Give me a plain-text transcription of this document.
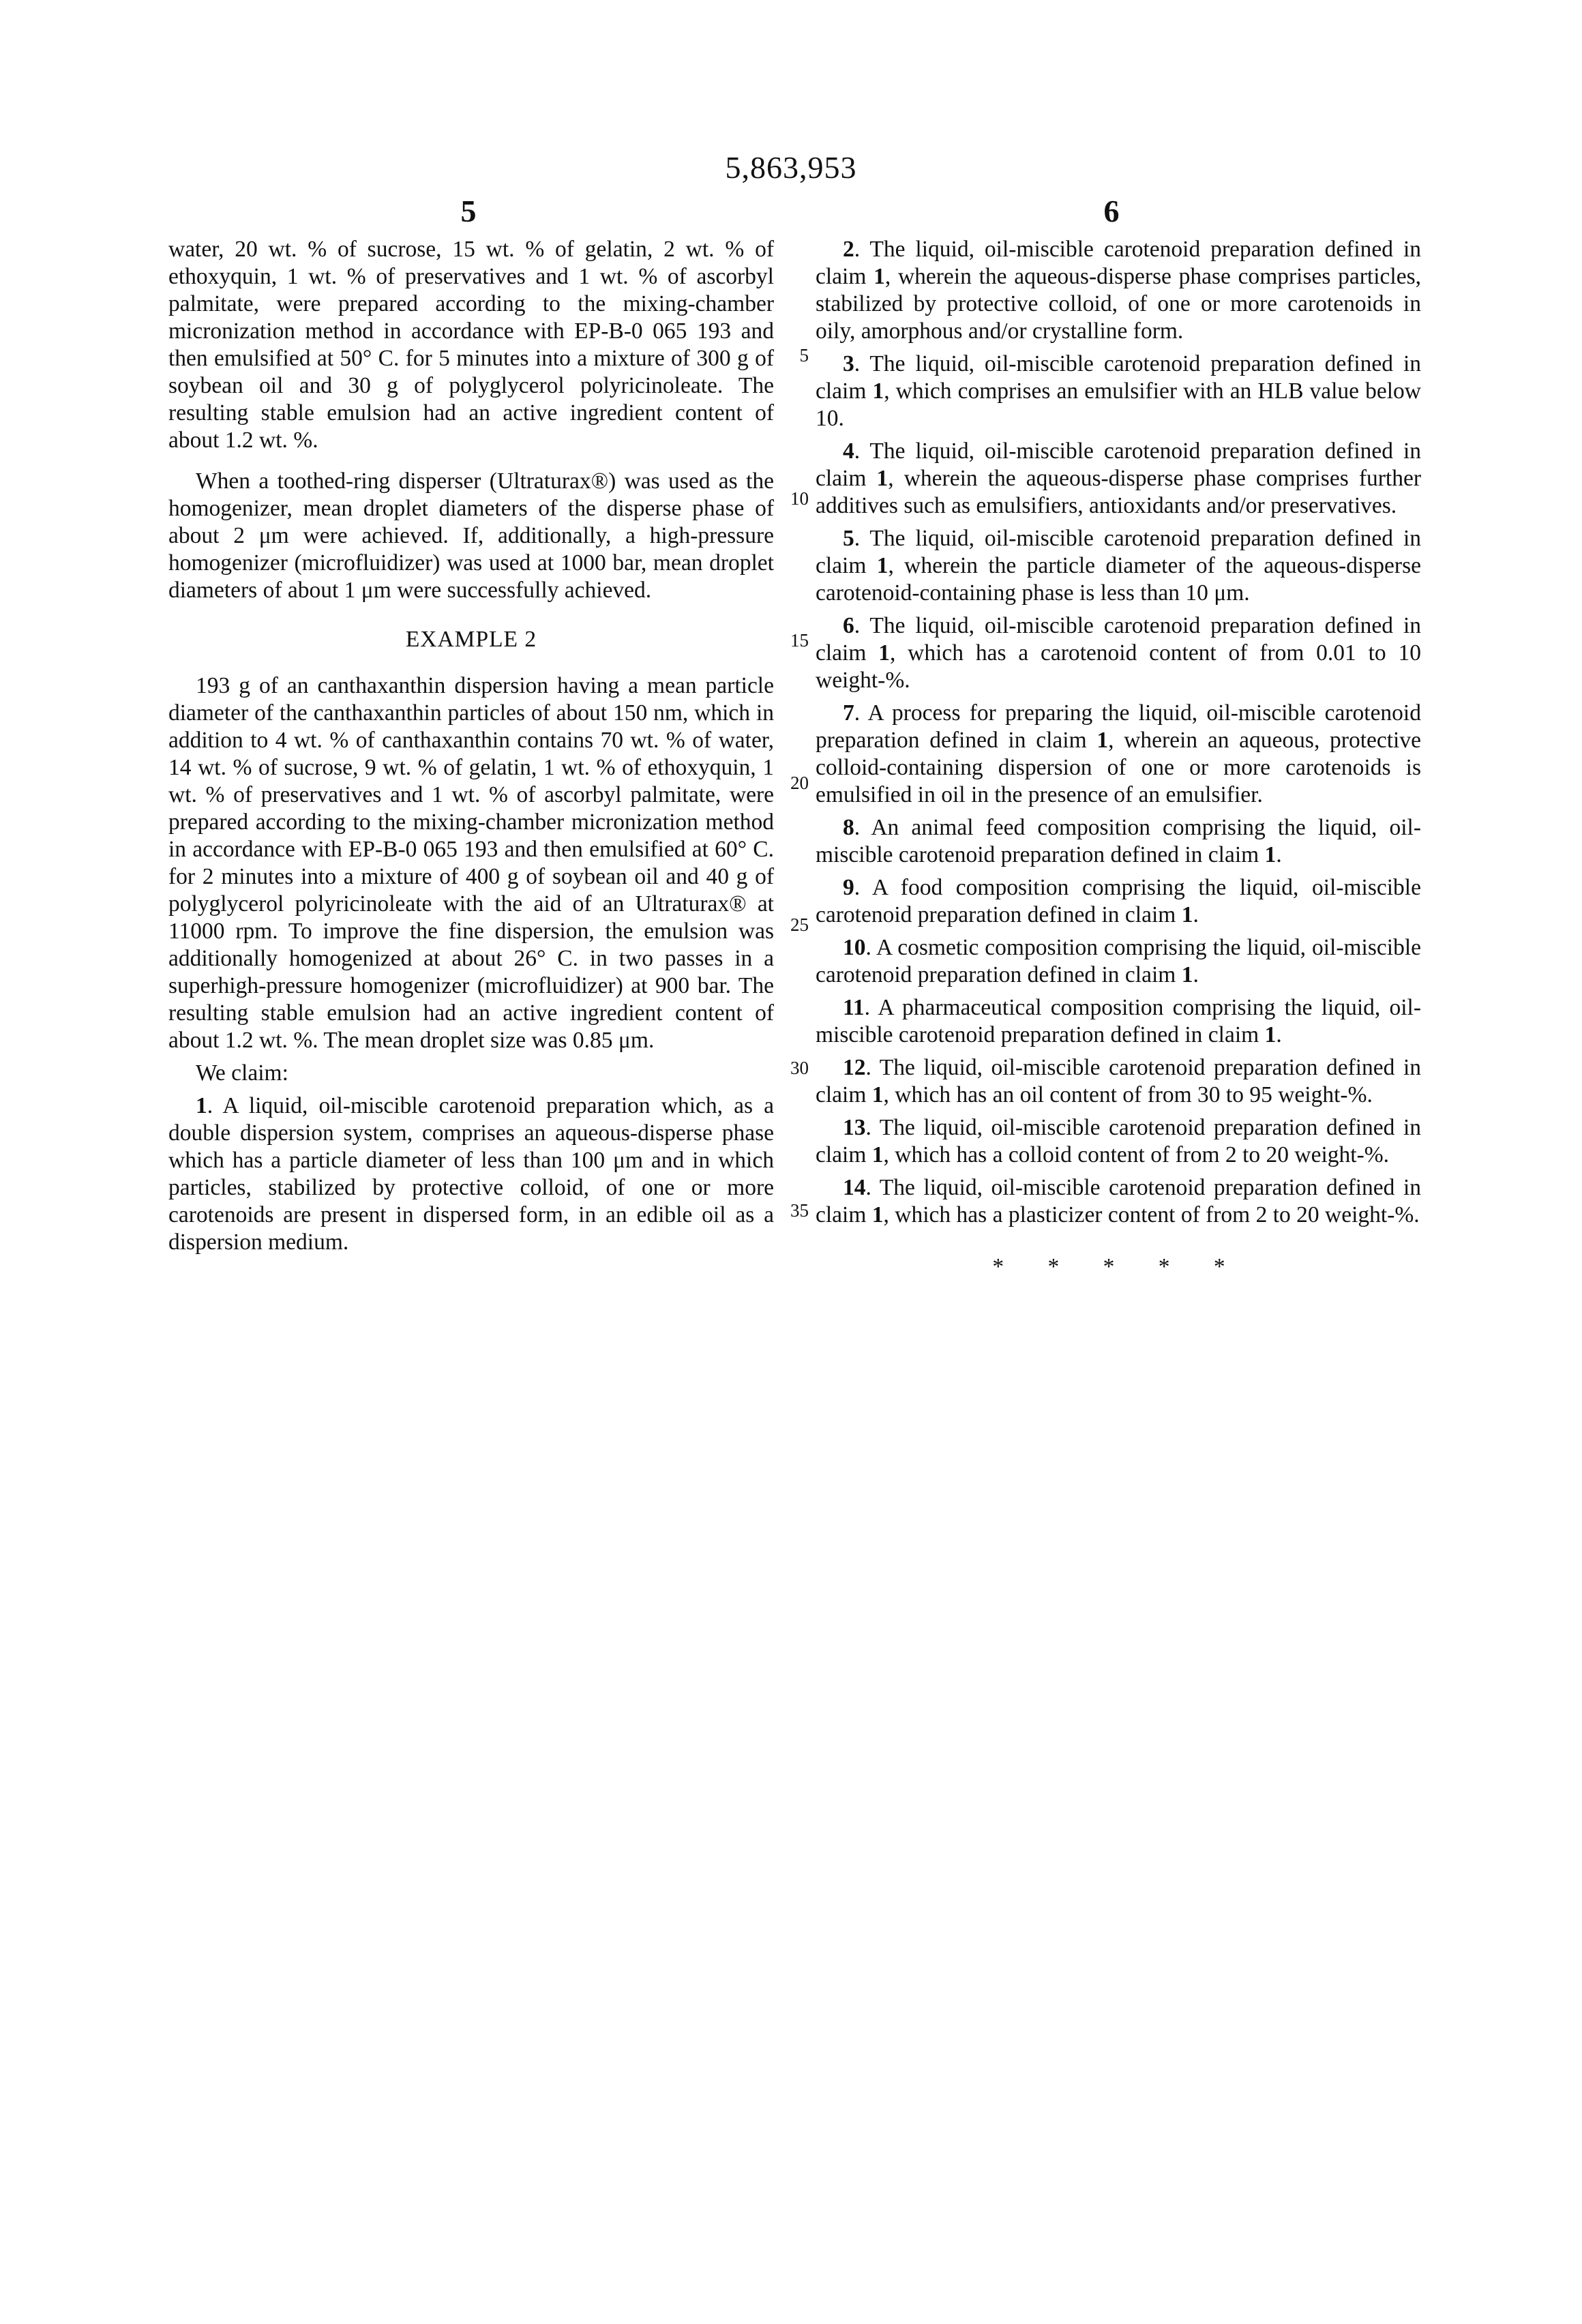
5,863,953
5	6

water, 20 wt. % of sucrose, 15 wt. % of gelatin, 2 wt. % of ethoxyquin, 1 wt. % of preservatives and 1 wt. % of ascorbyl palmitate, were prepared according to the mixing-chamber micronization method in accordance with EP-B-0 065 193 and then emulsified at 50° C. for 5 minutes into a mixture of 300 g of soybean oil and 30 g of polyglycerol polyricinoleate. The resulting stable emulsion had an active ingredient content of about 1.2 wt. %.

When a toothed-ring disperser (Ultraturax®) was used as the homogenizer, mean droplet diameters of the disperse phase of about 2 μm were achieved. If, additionally, a high-pressure homogenizer (microfluidizer) was used at 1000 bar, mean droplet diameters of about 1 μm were successfully achieved.

EXAMPLE 2

193 g of an canthaxanthin dispersion having a mean particle diameter of the canthaxanthin particles of about 150 nm, which in addition to 4 wt. % of canthaxanthin contains 70 wt. % of water, 14 wt. % of sucrose, 9 wt. % of gelatin, 1 wt. % of ethoxyquin, 1 wt. % of preservatives and 1 wt. % of ascorbyl palmitate, were prepared according to the mixing-chamber micronization method in accordance with EP-B-0 065 193 and then emulsified at 60° C. for 2 minutes into a mixture of 400 g of soybean oil and 40 g of polyglycerol polyricinoleate with the aid of an Ultraturax® at 11000 rpm. To improve the fine dispersion, the emulsion was additionally homogenized at about 26° C. in two passes in a superhigh-pressure homogenizer (microfluidizer) at 900 bar. The resulting stable emulsion had an active ingredient content of about 1.2 wt. %. The mean droplet size was 0.85 μm.

We claim:

1. A liquid, oil-miscible carotenoid preparation which, as a double dispersion system, comprises an aqueous-disperse phase which has a particle diameter of less than 100 μm and in which particles, stabilized by protective colloid, of one or more carotenoids are present in dispersed form, in an edible oil as a dispersion medium.

5
10
15
20
25
30
35

2. The liquid, oil-miscible carotenoid preparation defined in claim 1, wherein the aqueous-disperse phase comprises particles, stabilized by protective colloid, of one or more carotenoids in oily, amorphous and/or crystalline form.

3. The liquid, oil-miscible carotenoid preparation defined in claim 1, which comprises an emulsifier with an HLB value below 10.

4. The liquid, oil-miscible carotenoid preparation defined in claim 1, wherein the aqueous-disperse phase comprises further additives such as emulsifiers, antioxidants and/or preservatives.

5. The liquid, oil-miscible carotenoid preparation defined in claim 1, wherein the particle diameter of the aqueous-disperse carotenoid-containing phase is less than 10 μm.

6. The liquid, oil-miscible carotenoid preparation defined in claim 1, which has a carotenoid content of from 0.01 to 10 weight-%.

7. A process for preparing the liquid, oil-miscible carotenoid preparation defined in claim 1, wherein an aqueous, protective colloid-containing dispersion of one or more carotenoids is emulsified in oil in the presence of an emulsifier.

8. An animal feed composition comprising the liquid, oil-miscible carotenoid preparation defined in claim 1.

9. A food composition comprising the liquid, oil-miscible carotenoid preparation defined in claim 1.

10. A cosmetic composition comprising the liquid, oil-miscible carotenoid preparation defined in claim 1.

11. A pharmaceutical composition comprising the liquid, oil-miscible carotenoid preparation defined in claim 1.

12. The liquid, oil-miscible carotenoid preparation defined in claim 1, which has an oil content of from 30 to 95 weight-%.

13. The liquid, oil-miscible carotenoid preparation defined in claim 1, which has a colloid content of from 2 to 20 weight-%.

14. The liquid, oil-miscible carotenoid preparation defined in claim 1, which has a plasticizer content of from 2 to 20 weight-%.

* * * * *
